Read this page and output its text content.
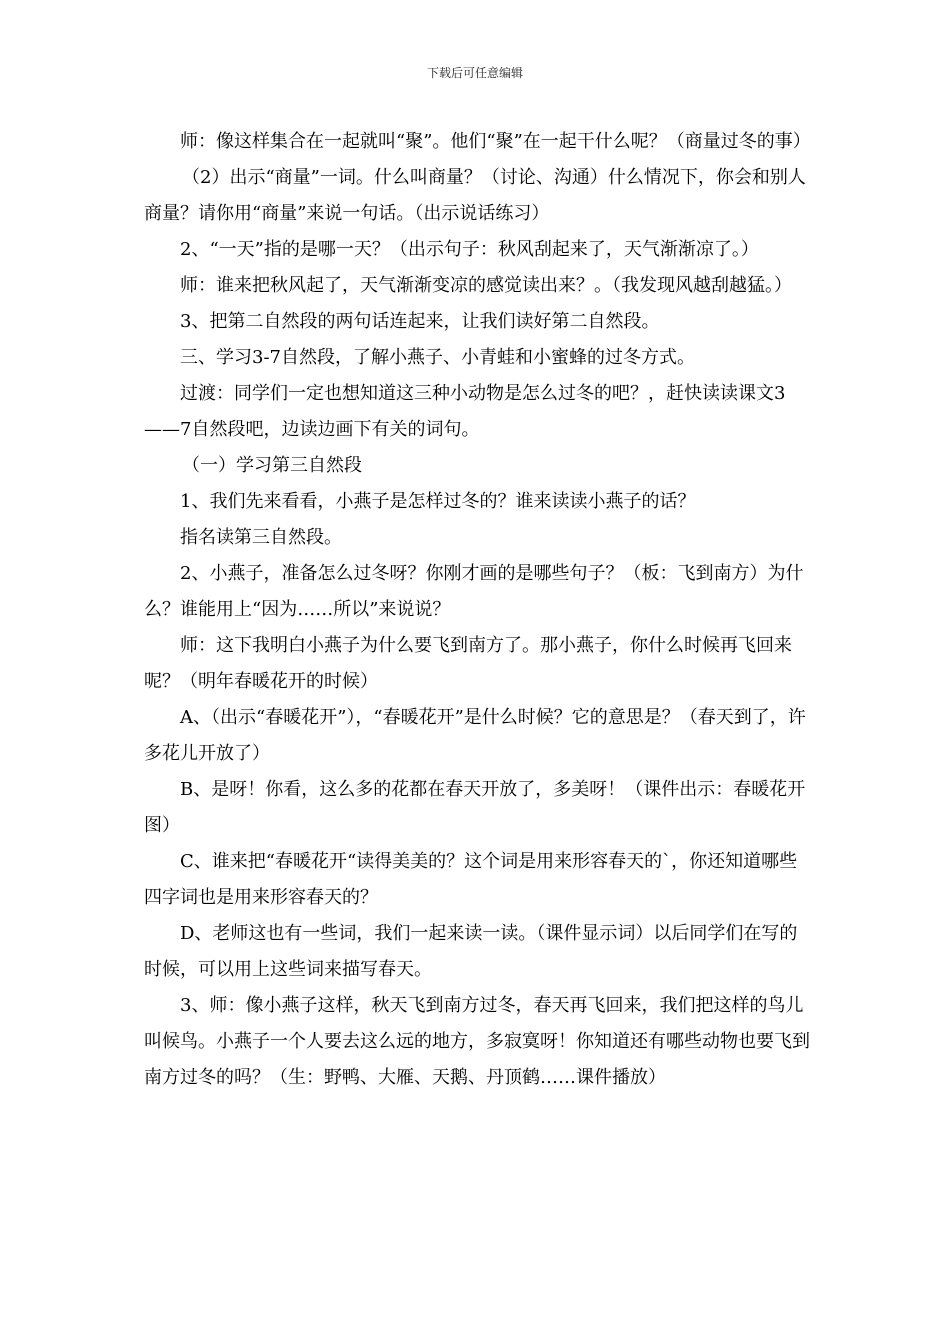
下载后可任意编辑

师：像这样集合在一起就叫“聚”。他们“聚”在一起干什么呢？（商量过冬的事）

（2）出示“商量”一词。什么叫商量？（讨论、沟通）什么情况下，你会和别人商量？请你用“商量”来说一句话。（出示说话练习）

2、“一天”指的是哪一天？（出示句子：秋风刮起来了，天气渐渐凉了。）

师：谁来把秋风起了，天气渐渐变凉的感觉读出来？。（我发现风越刮越猛。）

3、把第二自然段的两句话连起来，让我们读好第二自然段。

三、学习3-7自然段，了解小燕子、小青蛙和小蜜蜂的过冬方式。

过渡：同学们一定也想知道这三种小动物是怎么过冬的吧？，赶快读读课文3——7自然段吧，边读边画下有关的词句。

（一）学习第三自然段

1、我们先来看看，小燕子是怎样过冬的？谁来读读小燕子的话？

指名读第三自然段。

2、小燕子，准备怎么过冬呀？你刚才画的是哪些句子？（板：飞到南方）为什么？谁能用上“因为……所以”来说说？

师：这下我明白小燕子为什么要飞到南方了。那小燕子，你什么时候再飞回来呢？（明年春暖花开的时候）

A、（出示“春暖花开”），“春暖花开”是什么时候？它的意思是？（春天到了，许多花儿开放了）

B、是呀！你看，这么多的花都在春天开放了，多美呀！（课件出示：春暖花开图）

C、谁来把“春暖花开“读得美美的？这个词是用来形容春天的`，你还知道哪些四字词也是用来形容春天的？

D、老师这也有一些词，我们一起来读一读。（课件显示词）以后同学们在写的时候，可以用上这些词来描写春天。

3、师：像小燕子这样，秋天飞到南方过冬，春天再飞回来，我们把这样的鸟儿叫候鸟。小燕子一个人要去这么远的地方，多寂寞呀！你知道还有哪些动物也要飞到南方过冬的吗？（生：野鸭、大雁、天鹅、丹顶鹤……课件播放）
